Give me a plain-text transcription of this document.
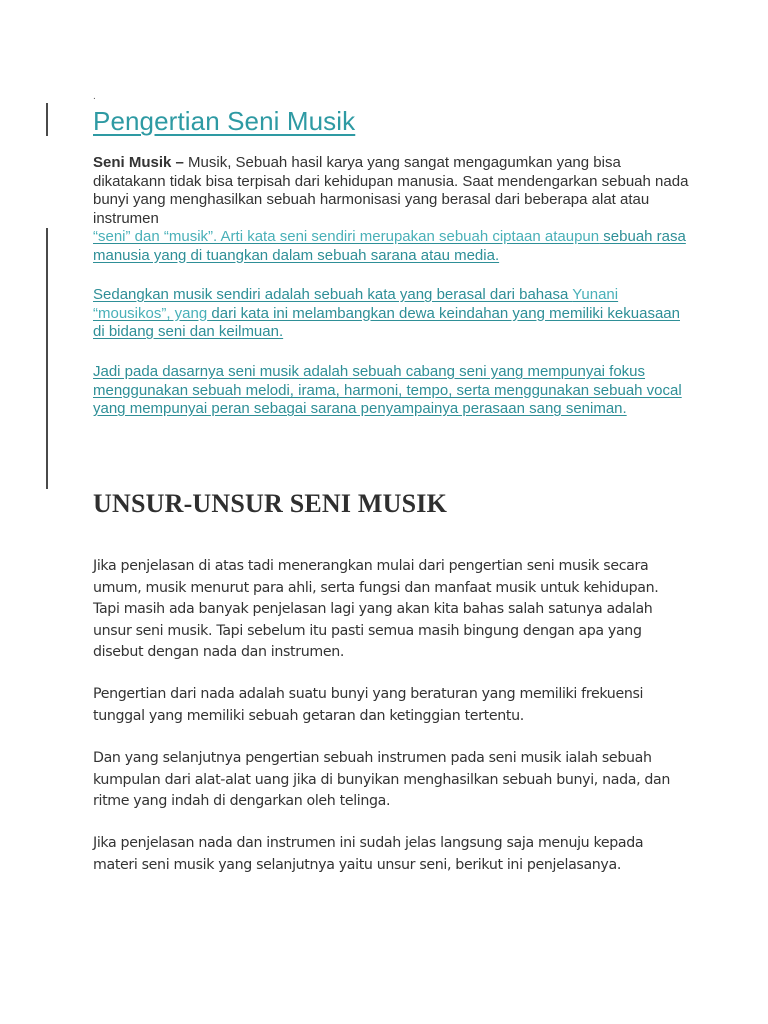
.
Pengertian Seni Musik

Seni Musik – Musik, Sebuah hasil karya yang sangat mengagumkan yang bisa dikatakann tidak bisa terpisah dari kehidupan manusia. Saat mendengarkan sebuah nada bunyi yang menghasilkan sebuah harmonisasi yang berasal dari beberapa alat atau instrumen

“seni” dan “musik”. Arti kata seni sendiri merupakan sebuah ciptaan ataupun sebuah rasa manusia yang di tuangkan dalam sebuah sarana atau media.

Sedangkan musik sendiri adalah sebuah kata yang berasal dari bahasa Yunani “mousikos”, yang dari kata ini melambangkan dewa keindahan yang memiliki kekuasaan di bidang seni dan keilmuan.

Jadi pada dasarnya seni musik adalah sebuah cabang seni yang mempunyai fokus menggunakan sebuah melodi, irama, harmoni, tempo, serta menggunakan sebuah vocal yang mempunyai peran sebagai sarana penyampainya perasaan sang seniman.

UNSUR-UNSUR SENI MUSIK

Jika penjelasan di atas tadi menerangkan mulai dari pengertian seni musik secara umum, musik menurut para ahli, serta fungsi dan manfaat musik untuk kehidupan. Tapi masih ada banyak penjelasan lagi yang akan kita bahas salah satunya adalah unsur seni musik. Tapi sebelum itu pasti semua masih bingung dengan apa yang disebut dengan nada dan instrumen.

Pengertian dari nada adalah suatu bunyi yang beraturan yang memiliki frekuensi tunggal yang memiliki sebuah getaran dan ketinggian tertentu.

Dan yang selanjutnya pengertian sebuah instrumen pada seni musik ialah sebuah kumpulan dari alat-alat uang jika di bunyikan menghasilkan sebuah bunyi, nada, dan ritme yang indah di dengarkan oleh telinga.

Jika penjelasan nada dan instrumen ini sudah jelas langsung saja menuju kepada materi seni musik yang selanjutnya yaitu unsur seni, berikut ini penjelasanya.
